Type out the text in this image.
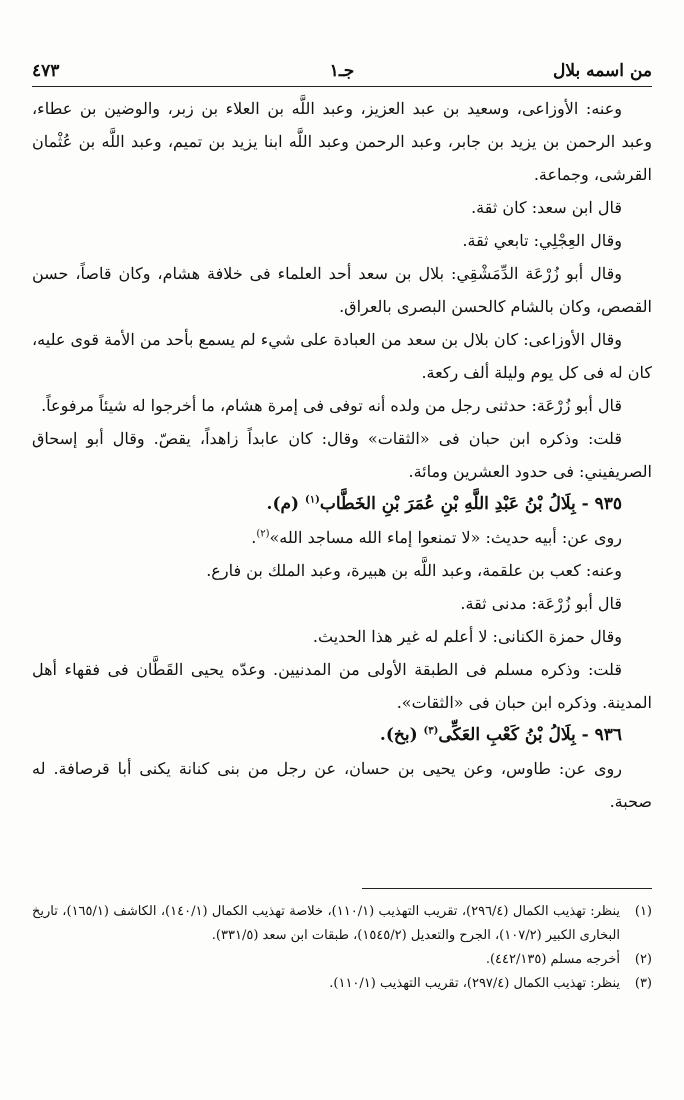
من اسمه بلال
جـ١
٤٧٣

وعنه: الأوزاعى، وسعيد بن عبد العزيز، وعبد اللَّه بن العلاء بن زبر، والوضين بن عطاء، وعبد الرحمن بن يزيد بن جابر، وعبد الرحمن وعبد اللَّه ابنا يزيد بن تميم، وعبد اللَّه بن عُثْمان القرشى، وجماعة.

قال ابن سعد: كان ثقة.

وقال العِجْلِي: تابعي ثقة.

وقال أبو زُرْعَة الدِّمَشْقِي: بلال بن سعد أحد العلماء فى خلافة هشام، وكان قاصاً، حسن القصص، وكان بالشام كالحسن البصرى بالعراق.

وقال الأوزاعى: كان بلال بن سعد من العبادة على شيء لم يسمع بأحد من الأمة قوى عليه، كان له فى كل يوم وليلة ألف ركعة.

قال أبو زُرْعَة: حدثنى رجل من ولده أنه توفى فى إمرة هشام، ما أخرجوا له شيئاً مرفوعاً.

قلت: وذكره ابن حبان فى «الثقات» وقال: كان عابداً زاهداً، يقصّ. وقال أبو إسحاق الصريفيني: فى حدود العشرين ومائة.

٩٣٥ - بِلَالُ بْنُ عَبْدِ اللَّهِ بْنِ عُمَرَ بْنِ الخَطَّاب$^{(١)}$ (م).

روى عن: أبيه حديث: «لا تمنعوا إماء الله مساجد الله»$^{(٢)}$.

وعنه: كعب بن علقمة، وعبد اللَّه بن هبيرة، وعبد الملك بن فارع.

قال أبو زُرْعَة: مدنى ثقة.

وقال حمزة الكنانى: لا أعلم له غير هذا الحديث.

قلت: وذكره مسلم فى الطبقة الأولى من المدنيين. وعدّه يحيى القَطَّان فى فقهاء أهل المدينة. وذكره ابن حبان فى «الثقات».

٩٣٦ - بِلَالُ بْنُ كَعْبِ العَكِّى$^{(٣)}$ (بخ).

روى عن: طاوس، وعن يحيى بن حسان، عن رجل من بنى كنانة يكنى أبا قرصافة. له صحبة.

(١)
ينظر: تهذيب الكمال (٢٩٦/٤)، تقريب التهذيب (١١٠/١)، خلاصة تهذيب الكمال (١٤٠/١)، الكاشف (١٦٥/١)، تاريخ البخارى الكبير (١٠٧/٢)، الجرح والتعديل (١٥٤٥/٢)، طبقات ابن سعد (٣٣١/٥).

(٢)
أخرجه مسلم (٤٤٢/١٣٥).

(٣)
ينظر: تهذيب الكمال (٢٩٧/٤)، تقريب التهذيب (١١٠/١).
